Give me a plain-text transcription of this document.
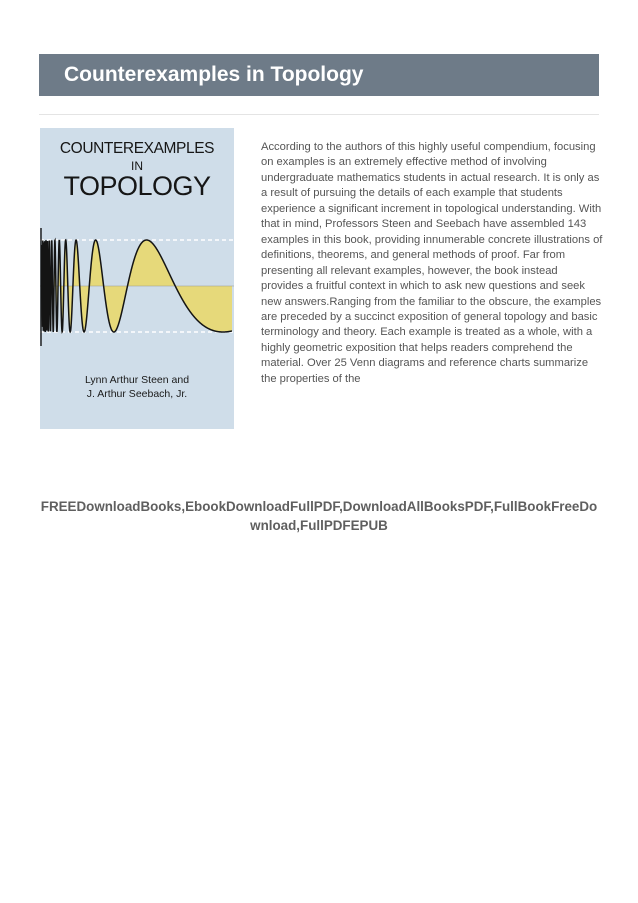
Counterexamples in Topology
COUNTEREXAMPLES
IN
TOPOLOGY
Lynn Arthur Steen and
J. Arthur Seebach, Jr.

According to the authors of this highly useful compendium, focusing on examples is an extremely effective method of involving undergraduate mathematics students in actual research. It is only as a result of pursuing the details of each example that students experience a significant increment in topological understanding. With that in mind, Professors Steen and Seebach have assembled 143 examples in this book, providing innumerable concrete illustrations of definitions, theorems, and general methods of proof. Far from presenting all relevant examples, however, the book instead provides a fruitful context in which to ask new questions and seek new answers.Ranging from the familiar to the obscure, the examples are preceded by a succinct exposition of general topology and basic terminology and theory. Each example is treated as a whole, with a highly geometric exposition that helps readers comprehend the material. Over 25 Venn diagrams and reference charts summarize the properties of the

FREEDownloadBooks,EbookDownloadFullPDF,DownloadAllBooksPDF,FullBookFreeDownload,FullPDFEPUB
